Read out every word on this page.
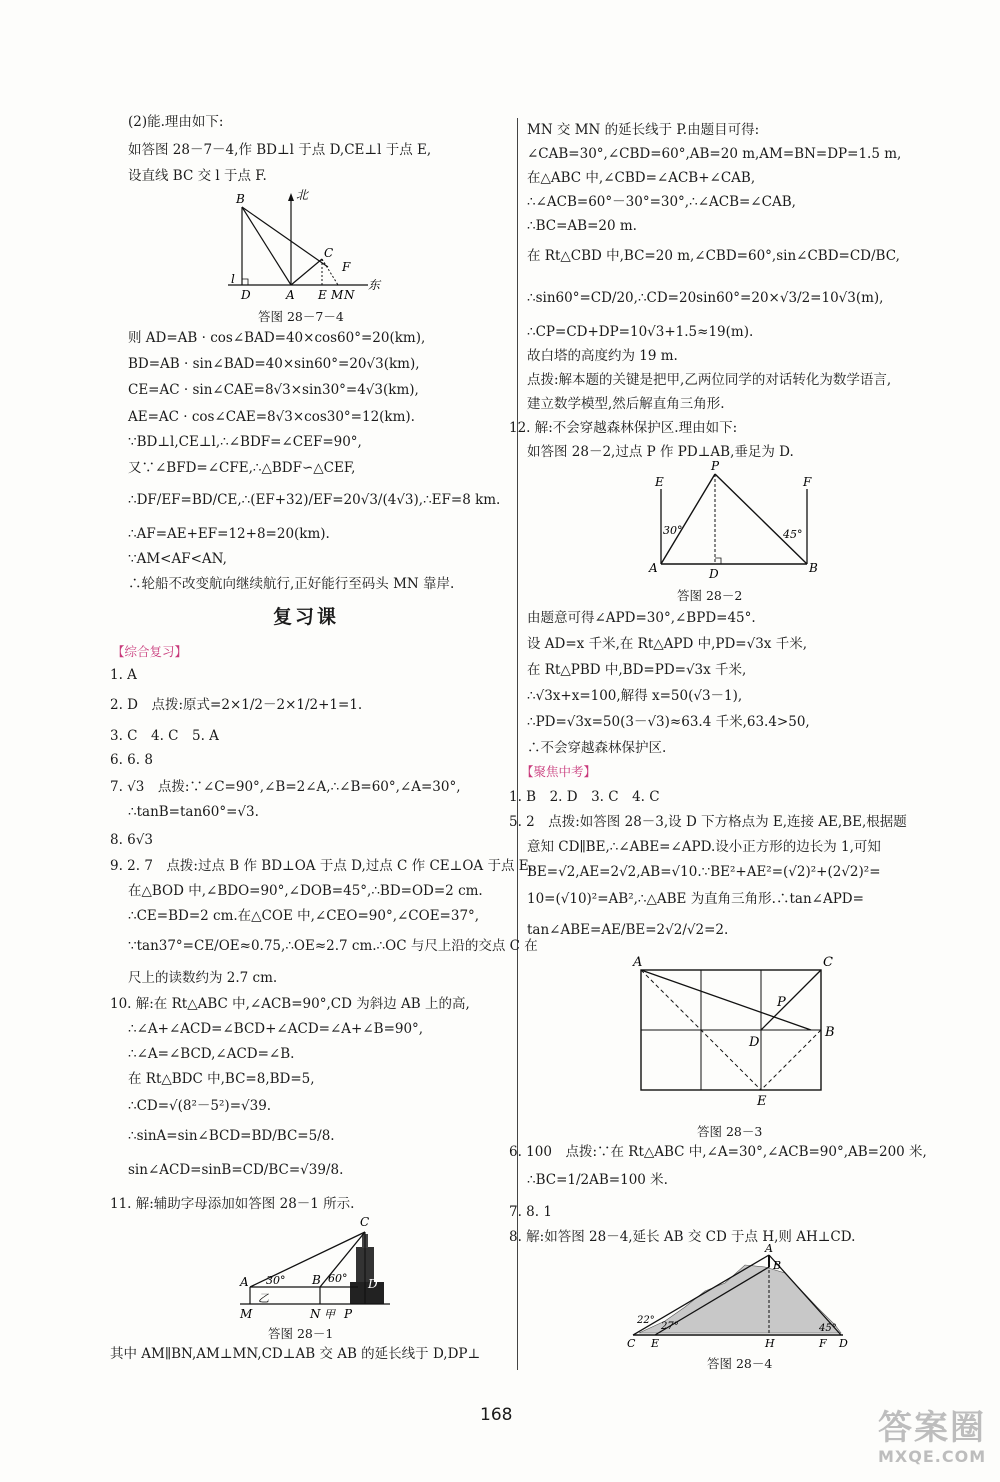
(2)能.理由如下:
如答图 28－7－4,作 BD⊥l 于点 D,CE⊥l 于点 E,
设直线 BC 交 l 于点 F.
B	北
C
F
l
D	A E M N
东
答图 28－7－4
则 AD=AB · cos∠BAD=40×cos60°=20(km),
BD=AB · sin∠BAD=40×sin60°=20√3(km),
CE=AC · sin∠CAE=8√3×sin30°=4√3(km),
AE=AC · cos∠CAE=8√3×cos30°=12(km).
∵BD⊥l,CE⊥l,∴∠BDF=∠CEF=90°,
又∵∠BFD=∠CFE,∴△BDF∽△CEF,
∴DF/EF=BD/CE,∴(EF+32)/EF=20√3/(4√3),∴EF=8 km.
∴AF=AE+EF=12+8=20(km).
∵AM<AF<AN,
∴轮船不改变航向继续航行,正好能行至码头 MN 靠岸.
复习课
【综合复习】
1. A
2. D　点拨:原式=2×1/2－2×1/2+1=1.
3. C　4. C　5. A
6. 6. 8
7. √3　点拨:∵∠C=90°,∠B=2∠A,∴∠B=60°,∠A=30°,
∴tanB=tan60°=√3.
8. 6√3
9. 2. 7　点拨:过点 B 作 BD⊥OA 于点 D,过点 C 作 CE⊥OA 于点 E.
在△BOD 中,∠BDO=90°,∠DOB=45°,∴BD=OD=2 cm.
∴CE=BD=2 cm.在△COE 中,∠CEO=90°,∠COE=37°,
∵tan37°=CE/OE≈0.75,∴OE≈2.7 cm.∴OC 与尺上沿的交点 C 在
尺上的读数约为 2.7 cm.
10. 解:在 Rt△ABC 中,∠ACB=90°,CD 为斜边 AB 上的高,
∴∠A+∠ACD=∠BCD+∠ACD=∠A+∠B=90°,
∴∠A=∠BCD,∠ACD=∠B.
在 Rt△BDC 中,BC=8,BD=5,
∴CD=√(8²－5²)=√39.
∴sinA=sin∠BCD=BD/BC=5/8.
sin∠ACD=sinB=CD/BC=√39/8.
11. 解:辅助字母添加如答图 28－1 所示.
C
A 30° B 60° D
M
乙
N 甲 P
答图 28－1
其中 AM∥BN,AM⊥MN,CD⊥AB 交 AB 的延长线于 D,DP⊥
MN 交 MN 的延长线于 P.由题目可得:
∠CAB=30°,∠CBD=60°,AB=20 m,AM=BN=DP=1.5 m,
在△ABC 中,∠CBD=∠ACB+∠CAB,
∴∠ACB=60°－30°=30°,∴∠ACB=∠CAB,
∴BC=AB=20 m.
在 Rt△CBD 中,BC=20 m,∠CBD=60°,sin∠CBD=CD/BC,
∴sin60°=CD/20,∴CD=20sin60°=20×√3/2=10√3(m),
∴CP=CD+DP=10√3+1.5≈19(m).
故白塔的高度约为 19 m.
点拨:解本题的关键是把甲,乙两位同学的对话转化为数学语言,
建立数学模型,然后解直角三角形.
12. 解:不会穿越森林保护区.理由如下:
如答图 28－2,过点 P 作 PD⊥AB,垂足为 D.
P
E	F
30°	45°
A	D	B
答图 28－2
由题意可得∠APD=30°,∠BPD=45°.
设 AD=x 千米,在 Rt△APD 中,PD=√3x 千米,
在 Rt△PBD 中,BD=PD=√3x 千米,
∴√3x+x=100,解得 x=50(√3－1),
∴PD=√3x=50(3－√3)≈63.4 千米,63.4>50,
∴不会穿越森林保护区.
【聚焦中考】
1. B　2. D　3. C　4. C
5. 2　点拨:如答图 28－3,设 D 下方格点为 E,连接 AE,BE,根据题
意知 CD∥BE,∴∠ABE=∠APD.设小正方形的边长为 1,可知
BE=√2,AE=2√2,AB=√10.∵BE²+AE²=(√2)²+(2√2)²=
10=(√10)²=AB²,∴△ABE 为直角三角形.∴tan∠APD=
tan∠ABE=AE/BE=2√2/√2=2.
A	C
P
B
D
E
答图 28－3
6. 100　点拨:∵在 Rt△ABC 中,∠A=30°,∠ACB=90°,AB=200 米,
∴BC=1/2AB=100 米.
7. 8. 1
8. 解:如答图 28－4,延长 AB 交 CD 于点 H,则 AH⊥CD.
A
B
22°
27°	45°
C E	H	F D
答图 28－4
168	答案圈
MXQE.COM
